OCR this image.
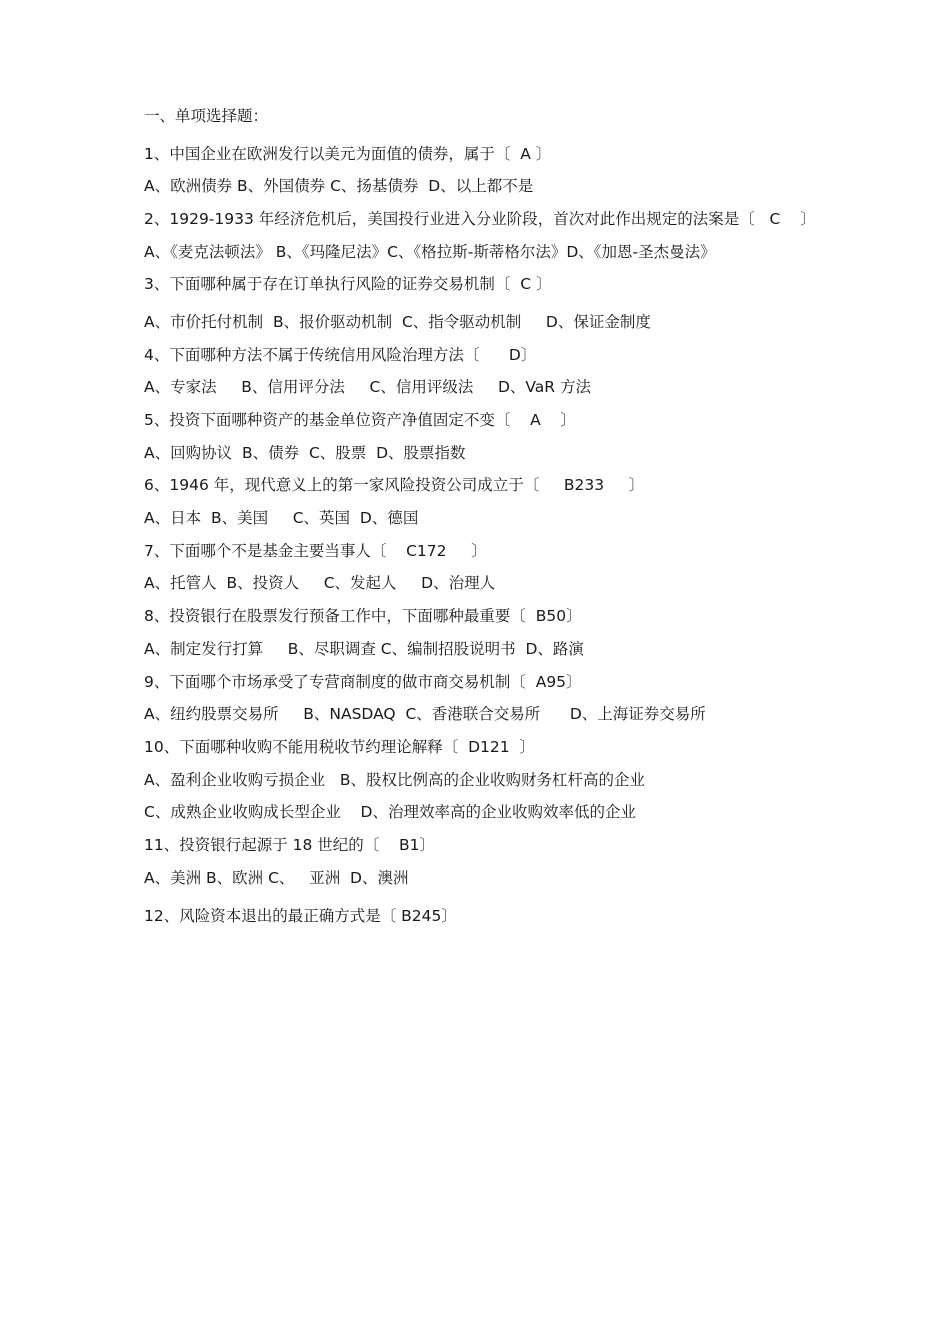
一、单项选择题：

1、中国企业在欧洲发行以美元为面值的债券，属于〔  A 〕

A、欧洲债券 B、外国债券 C、扬基债券  D、以上都不是

2、1929-1933 年经济危机后，美国投行业进入分业阶段，首次对此作出规定的法案是〔   C    〕

A、《麦克法顿法》 B、《玛隆尼法》C、《格拉斯-斯蒂格尔法》D、《加恩-圣杰曼法》

3、下面哪种属于存在订单执行风险的证券交易机制〔  C 〕

A、市价托付机制  B、报价驱动机制  C、指令驱动机制     D、保证金制度

4、下面哪种方法不属于传统信用风险治理方法〔      D〕

A、专家法     B、信用评分法     C、信用评级法     D、VaR 方法

5、投资下面哪种资产的基金单位资产净值固定不变〔    A    〕

A、回购协议  B、债券  C、股票  D、股票指数

6、1946 年，现代意义上的第一家风险投资公司成立于〔     B233     〕

A、日本  B、美国     C、英国  D、德国

7、下面哪个不是基金主要当事人〔    C172     〕

A、托管人  B、投资人     C、发起人     D、治理人

8、投资银行在股票发行预备工作中，下面哪种最重要〔  B50〕

A、制定发行打算     B、尽职调查 C、编制招股说明书  D、路演

9、下面哪个市场承受了专营商制度的做市商交易机制〔  A95〕

A、纽约股票交易所     B、NASDAQ  C、香港联合交易所      D、上海证券交易所

10、下面哪种收购不能用税收节约理论解释〔  D121  〕

A、盈利企业收购亏损企业   B、股权比例高的企业收购财务杠杆高的企业

C、成熟企业收购成长型企业    D、治理效率高的企业收购效率低的企业

11、投资银行起源于 18 世纪的〔    B1〕

A、美洲 B、欧洲 C、   亚洲  D、澳洲

12、风险资本退出的最正确方式是〔 B245〕
